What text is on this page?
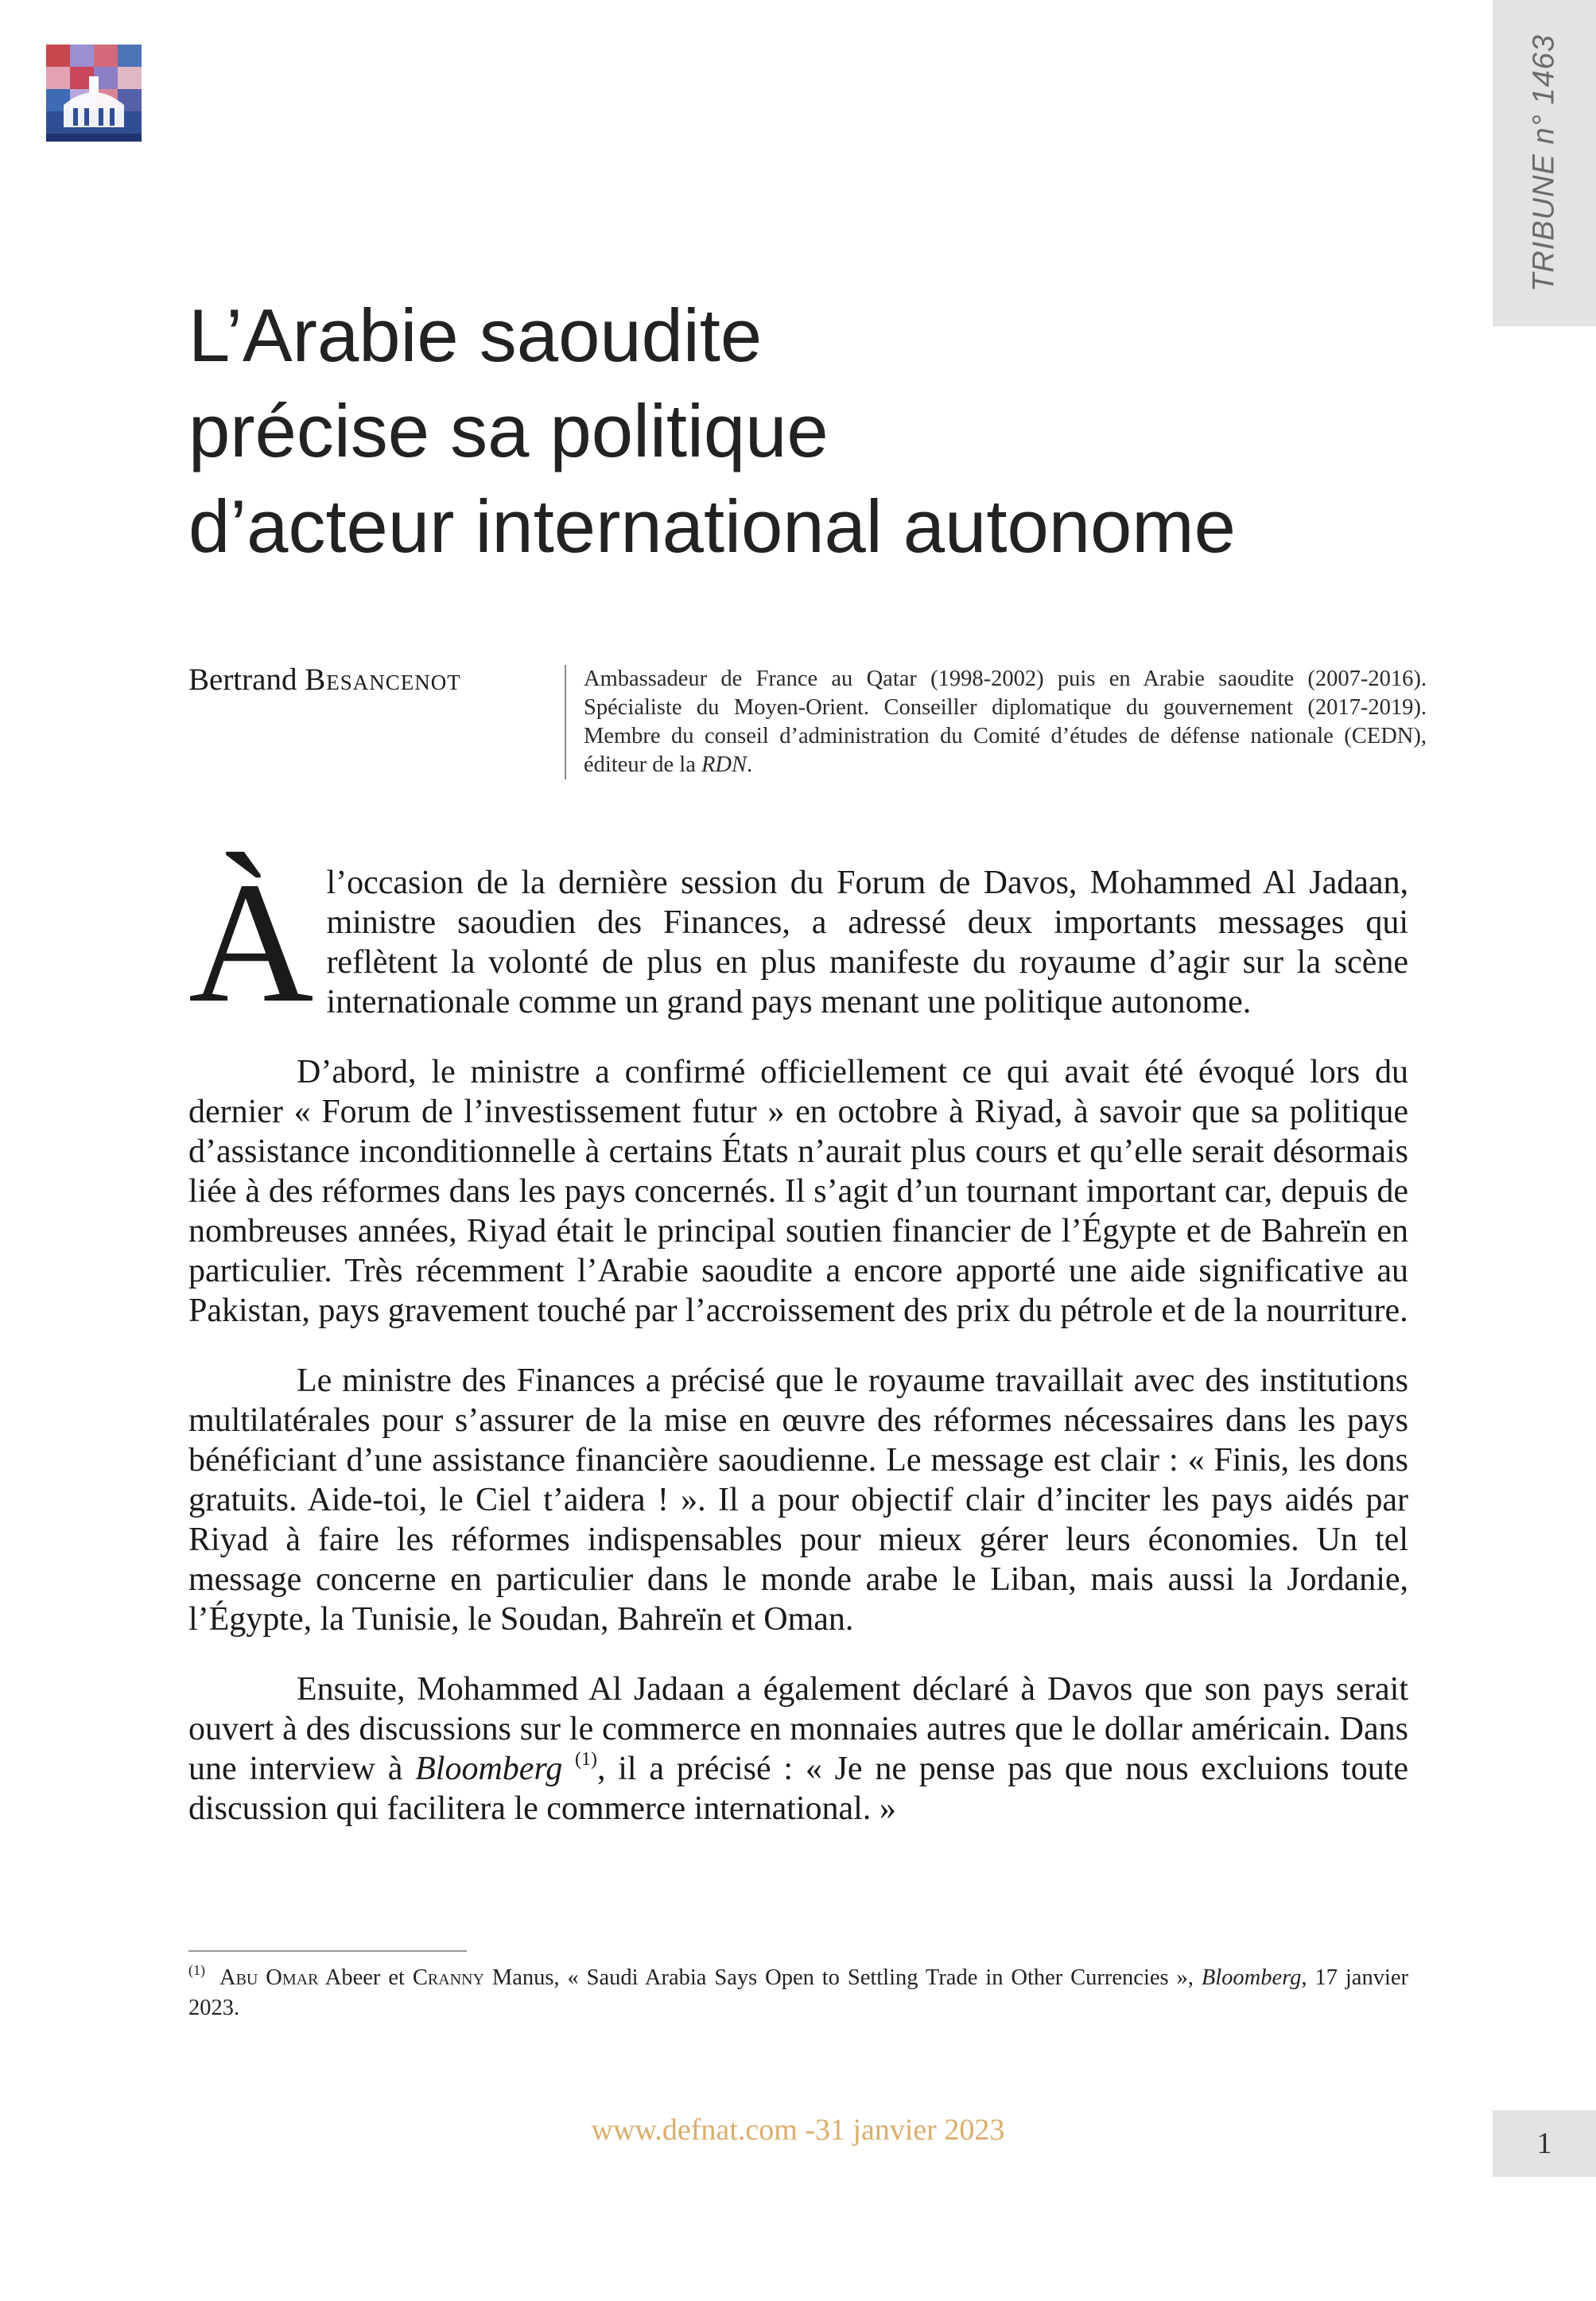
TRIBUNE n° 1463
L’Arabie saoudite
précise sa politique
d’acteur international autonome
Bertrand Besancenot	Ambassadeur de France au Qatar (1998-2002) puis en Arabie saoudite (2007-2016). Spécialiste du Moyen-Orient. Conseiller diplomatique du gouvernement (2017-2019). Membre du conseil d’administration du Comité d’études de défense nationale (CEDN), éditeur de la RDN.

Àl’occasion de la dernière session du Forum de Davos, Mohammed Al Jadaan, ministre saoudien des Finances, a adressé deux importants messages qui reflètent la volonté de plus en plus manifeste du royaume d’agir sur la scène internationale comme un grand pays menant une politique autonome.

D’abord, le ministre a confirmé officiellement ce qui avait été évoqué lors du dernier « Forum de l’investissement futur » en octobre à Riyad, à savoir que sa politique d’assistance inconditionnelle à certains États n’aurait plus cours et qu’elle serait désormais liée à des réformes dans les pays concernés. Il s’agit d’un tournant important car, depuis de nombreuses années, Riyad était le principal soutien financier de l’Égypte et de Bahreïn en particulier. Très récemment l’Arabie saoudite a encore apporté une aide significative au Pakistan, pays gravement touché par l’accroissement des prix du pétrole et de la nourriture.

Le ministre des Finances a précisé que le royaume travaillait avec des institutions multilatérales pour s’assurer de la mise en œuvre des réformes nécessaires dans les pays bénéficiant d’une assistance financière saoudienne. Le message est clair : « Finis, les dons gratuits. Aide-toi, le Ciel t’aidera ! ». Il a pour objectif clair d’inciter les pays aidés par Riyad à faire les réformes indispensables pour mieux gérer leurs économies. Un tel message concerne en particulier dans le monde arabe le Liban, mais aussi la Jordanie, l’Égypte, la Tunisie, le Soudan, Bahreïn et Oman.

Ensuite, Mohammed Al Jadaan a également déclaré à Davos que son pays serait ouvert à des discussions sur le commerce en monnaies autres que le dollar américain. Dans une interview à Bloomberg $^{(1)}$, il a précisé : « Je ne pense pas que nous excluions toute discussion qui facilitera le commerce international. »

$^{(1)}$ Abu Omar Abeer et Cranny Manus, « Saudi Arabia Says Open to Settling Trade in Other Currencies », Bloomberg, 17 janvier 2023.
www.defnat.com -31 janvier 2023	1
